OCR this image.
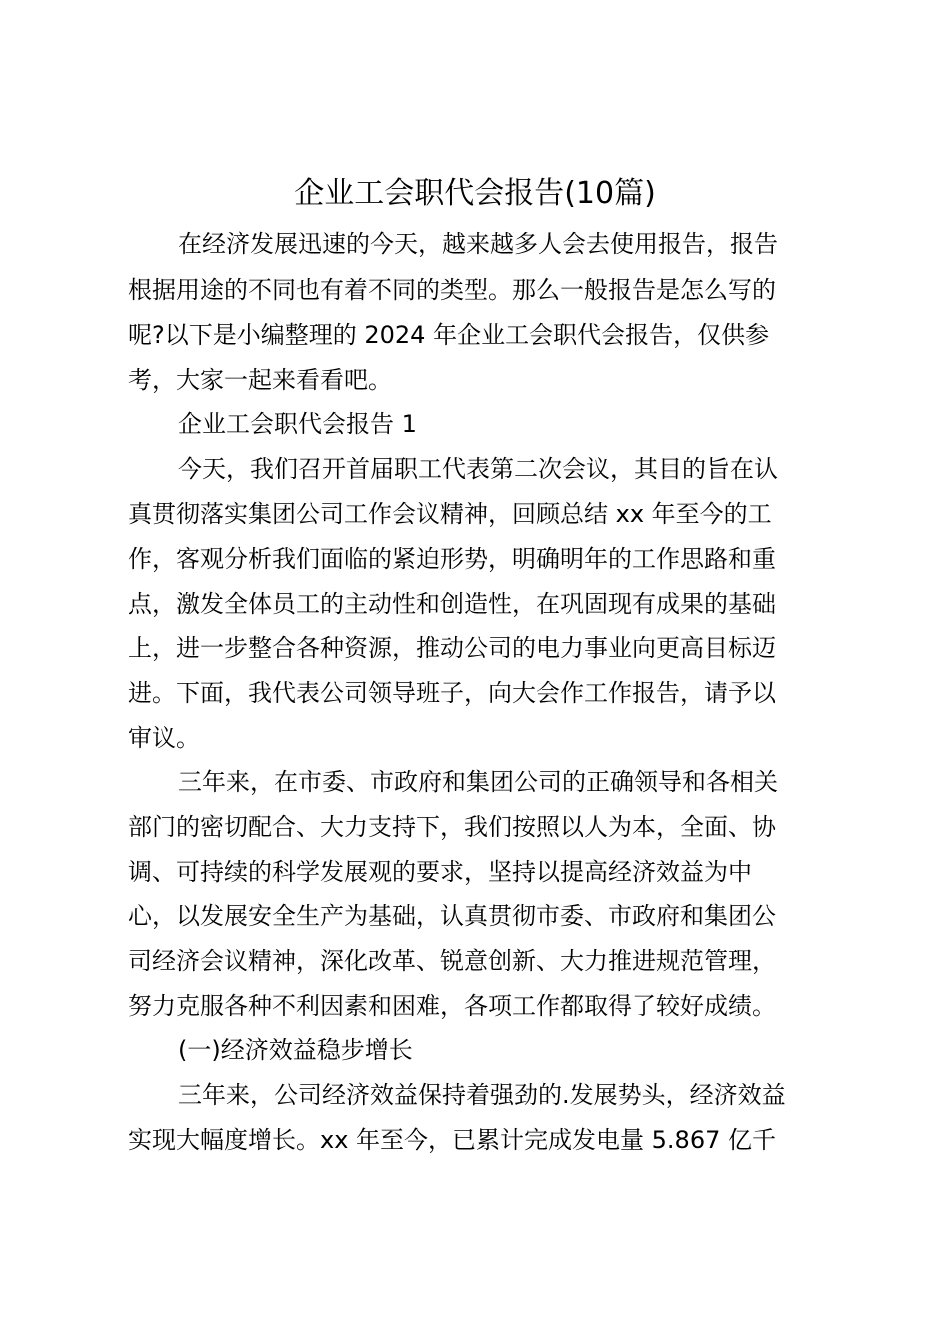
企业工会职代会报告(10篇)
在经济发展迅速的今天，越来越多人会去使用报告，报告
根据用途的不同也有着不同的类型。那么一般报告是怎么写的
呢?以下是小编整理的 2024 年企业工会职代会报告，仅供参
考，大家一起来看看吧。
企业工会职代会报告 1
今天，我们召开首届职工代表第二次会议，其目的旨在认
真贯彻落实集团公司工作会议精神，回顾总结 xx 年至今的工
作，客观分析我们面临的紧迫形势，明确明年的工作思路和重
点，激发全体员工的主动性和创造性，在巩固现有成果的基础
上，进一步整合各种资源，推动公司的电力事业向更高目标迈
进。下面，我代表公司领导班子，向大会作工作报告，请予以
审议。
三年来，在市委、市政府和集团公司的正确领导和各相关
部门的密切配合、大力支持下，我们按照以人为本，全面、协
调、可持续的科学发展观的要求，坚持以提高经济效益为中
心，以发展安全生产为基础，认真贯彻市委、市政府和集团公
司经济会议精神，深化改革、锐意创新、大力推进规范管理，
努力克服各种不利因素和困难，各项工作都取得了较好成绩。
(一)经济效益稳步增长
三年来，公司经济效益保持着强劲的.发展势头，经济效益
实现大幅度增长。xx 年至今，已累计完成发电量 5.867 亿千
